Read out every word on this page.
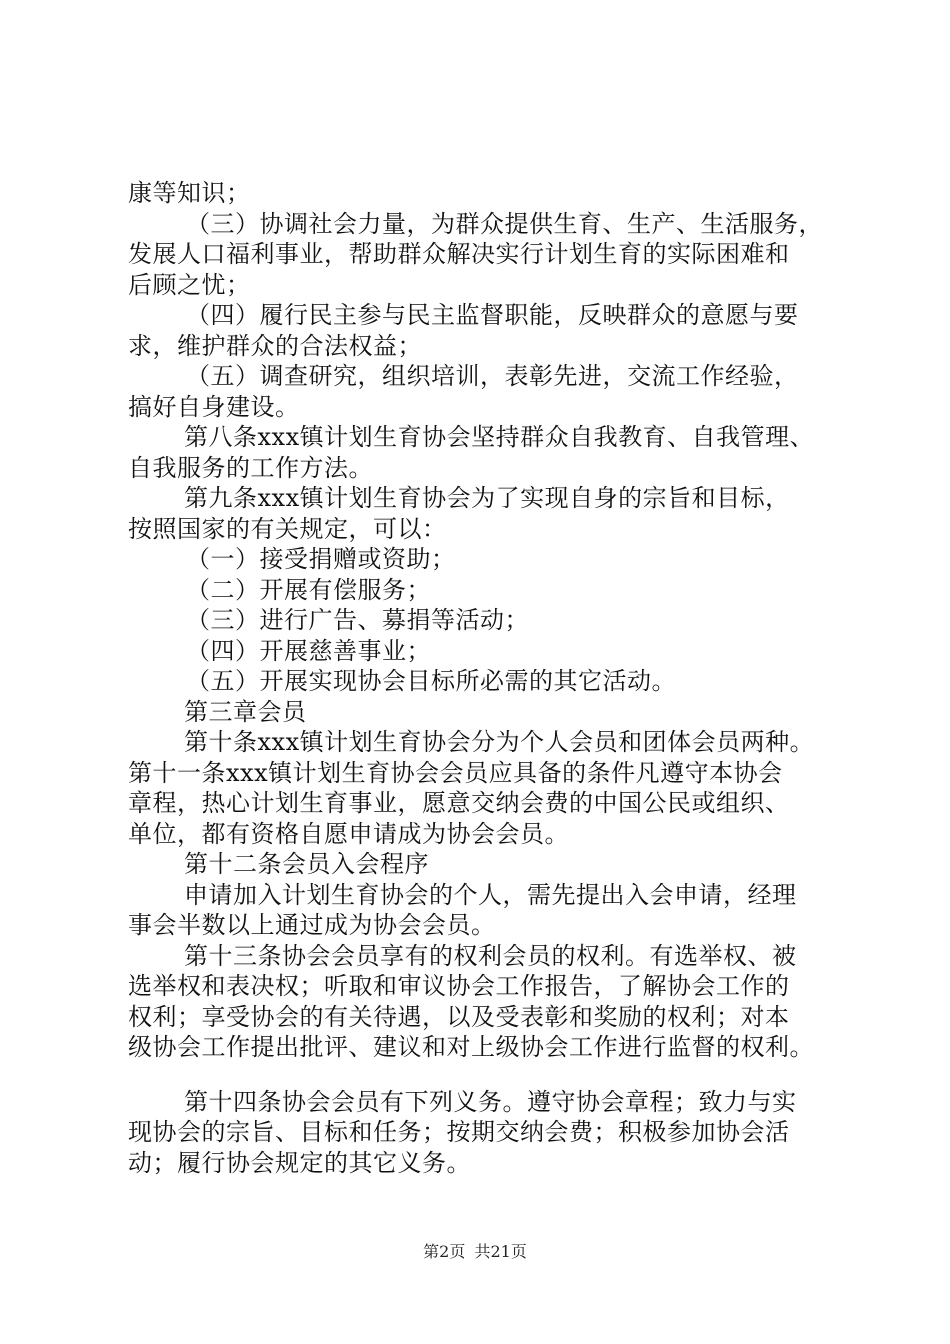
康等知识；
（三）协调社会力量，为群众提供生育、生产、生活服务，
发展人口福利事业，帮助群众解决实行计划生育的实际困难和
后顾之忧；
（四）履行民主参与民主监督职能，反映群众的意愿与要
求，维护群众的合法权益；
（五）调查研究，组织培训，表彰先进，交流工作经验，
搞好自身建设。
第八条xxx镇计划生育协会坚持群众自我教育、自我管理、
自我服务的工作方法。
第九条xxx镇计划生育协会为了实现自身的宗旨和目标，
按照国家的有关规定，可以：
（一）接受捐赠或资助；
（二）开展有偿服务；
（三）进行广告、募捐等活动；
（四）开展慈善事业；
（五）开展实现协会目标所必需的其它活动。
第三章会员
第十条xxx镇计划生育协会分为个人会员和团体会员两种。
第十一条xxx镇计划生育协会会员应具备的条件凡遵守本协会
章程，热心计划生育事业，愿意交纳会费的中国公民或组织、
单位，都有资格自愿申请成为协会会员。
第十二条会员入会程序
申请加入计划生育协会的个人，需先提出入会申请，经理
事会半数以上通过成为协会会员。
第十三条协会会员享有的权利会员的权利。有选举权、被
选举权和表决权；听取和审议协会工作报告，了解协会工作的
权利；享受协会的有关待遇，以及受表彰和奖励的权利；对本
级协会工作提出批评、建议和对上级协会工作进行监督的权利。
第十四条协会会员有下列义务。遵守协会章程；致力与实
现协会的宗旨、目标和任务；按期交纳会费；积极参加协会活
动；履行协会规定的其它义务。
第2页 共21页
